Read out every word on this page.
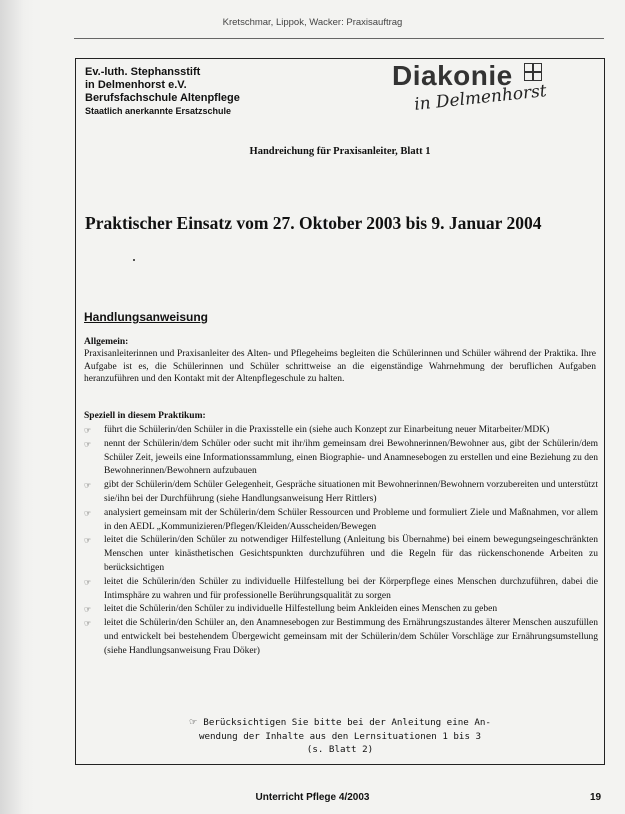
Kretschmar, Lippok, Wacker: Praxisauftrag
Ev.-luth. Stephansstift
in Delmenhorst e.V.
Berufsfachschule Altenpflege
Staatlich anerkannte Ersatzschule
Diakonie
in Delmenhorst
Handreichung für Praxisanleiter, Blatt 1
Praktischer Einsatz vom 27. Oktober 2003 bis 9. Januar 2004
Handlungsanweisung
Allgemein:
Praxisanleiterinnen und Praxisanleiter des Alten- und Pflegeheims begleiten die Schülerinnen und Schüler während der Praktika. Ihre Aufgabe ist es, die Schülerinnen und Schüler schrittweise an die eigenständige Wahrnehmung der beruflichen Aufgaben heranzuführen und den Kontakt mit der Altenpflegeschule zu halten.
Speziell in diesem Praktikum:
☞ führt die Schülerin/den Schüler in die Praxisstelle ein (siehe auch Konzept zur Einarbeitung neuer Mitarbeiter/MDK)
☞ nennt der Schülerin/dem Schüler oder sucht mit ihr/ihm gemeinsam drei Bewohnerinnen/Bewohner aus, gibt der Schülerin/dem Schüler Zeit, jeweils eine Informationssammlung, einen Biographie- und Anamnesebogen zu erstellen und eine Beziehung zu den Bewohnerinnen/Bewohnern aufzubauen
☞ gibt der Schülerin/dem Schüler Gelegenheit, Gespräche situationen mit Bewohnerinnen/Bewohnern vorzubereiten und unterstützt sie/ihn bei der Durchführung (siehe Handlungsanweisung Herr Rittlers)
☞ analysiert gemeinsam mit der Schülerin/dem Schüler Ressourcen und Probleme und formuliert Ziele und Maßnahmen, vor allem in den AEDL „Kommunizieren/Pflegen/Kleiden/Ausscheiden/Bewegen
☞ leitet die Schülerin/den Schüler zu notwendiger Hilfestellung (Anleitung bis Übernahme) bei einem bewegungseingeschränkten Menschen unter kinästhetischen Gesichtspunkten durchzuführen und die Regeln für das rückenschonende Arbeiten zu berücksichtigen
☞ leitet die Schülerin/den Schüler zu individuelle Hilfestellung bei der Körperpflege eines Menschen durchzuführen, dabei die Intimsphäre zu wahren und für professionelle Berührungsqualität zu sorgen
☞ leitet die Schülerin/den Schüler zu individuelle Hilfestellung beim Ankleiden eines Menschen zu geben
☞ leitet die Schülerin/den Schüler an, den Anamnesebogen zur Bestimmung des Ernährungszustandes älterer Menschen auszufüllen und entwickelt bei bestehendem Übergewicht gemeinsam mit der Schülerin/dem Schüler Vorschläge zur Ernährungsumstellung (siehe Handlungsanweisung Frau Döker)
☞ Berücksichtigen Sie bitte bei der Anleitung eine An-
wendung der Inhalte aus den Lernsituationen 1 bis 3
(s. Blatt 2)
Unterricht Pflege 4/2003	19
